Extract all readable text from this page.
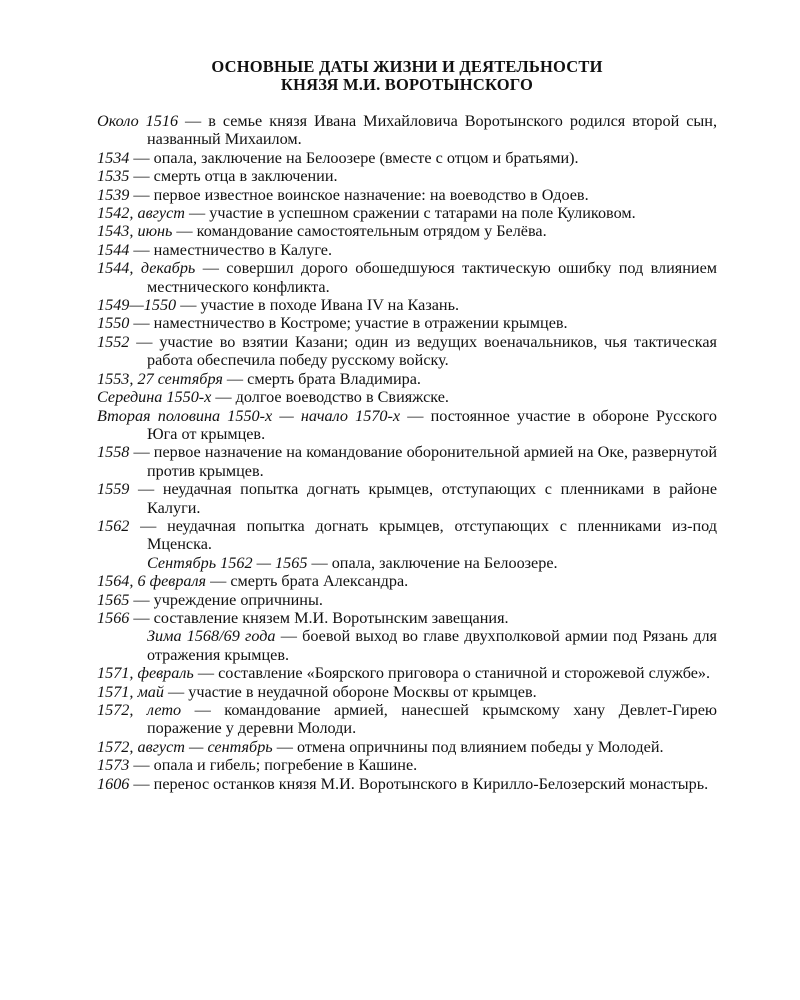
ОСНОВНЫЕ ДАТЫ ЖИЗНИ И ДЕЯТЕЛЬНОСТИ
КНЯЗЯ М.И. ВОРОТЫНСКОГО
Около 1516 — в семье князя Ивана Михайловича Воротынского родился второй сын, названный Михаилом.
1534 — опала, заключение на Белоозере (вместе с отцом и братьями).
1535 — смерть отца в заключении.
1539 — первое известное воинское назначение: на воеводство в Одоев.
1542, август — участие в успешном сражении с татарами на поле Куликовом.
1543, июнь — командование самостоятельным отрядом у Белёва.
1544 — наместничество в Калуге.
1544, декабрь — совершил дорого обошедшуюся тактическую ошибку под влиянием местнического конфликта.
1549—1550 — участие в походе Ивана IV на Казань.
1550 — наместничество в Костроме; участие в отражении крымцев.
1552 — участие во взятии Казани; один из ведущих военачальников, чья тактическая работа обеспечила победу русскому войску.
1553, 27 сентября — смерть брата Владимира.
Середина 1550-х — долгое воеводство в Свияжске.
Вторая половина 1550-х — начало 1570-х — постоянное участие в обороне Русского Юга от крымцев.
1558 — первое назначение на командование оборонительной армией на Оке, развернутой против крымцев.
1559 — неудачная попытка догнать крымцев, отступающих с пленниками в районе Калуги.
1562 — неудачная попытка догнать крымцев, отступающих с пленниками из-под Мценска.
Сентябрь 1562 — 1565 — опала, заключение на Белоозере.
1564, 6 февраля — смерть брата Александра.
1565 — учреждение опричнины.
1566 — составление князем М.И. Воротынским завещания.
Зима 1568/69 года — боевой выход во главе двухполковой армии под Рязань для отражения крымцев.
1571, февраль — составление «Боярского приговора о станичной и сторожевой службе».
1571, май — участие в неудачной обороне Москвы от крымцев.
1572, лето — командование армией, нанесшей крымскому хану Девлет-Гирею поражение у деревни Молоди.
1572, август — сентябрь — отмена опричнины под влиянием победы у Молодей.
1573 — опала и гибель; погребение в Кашине.
1606 — перенос останков князя М.И. Воротынского в Кирилло-Белозерский монастырь.
